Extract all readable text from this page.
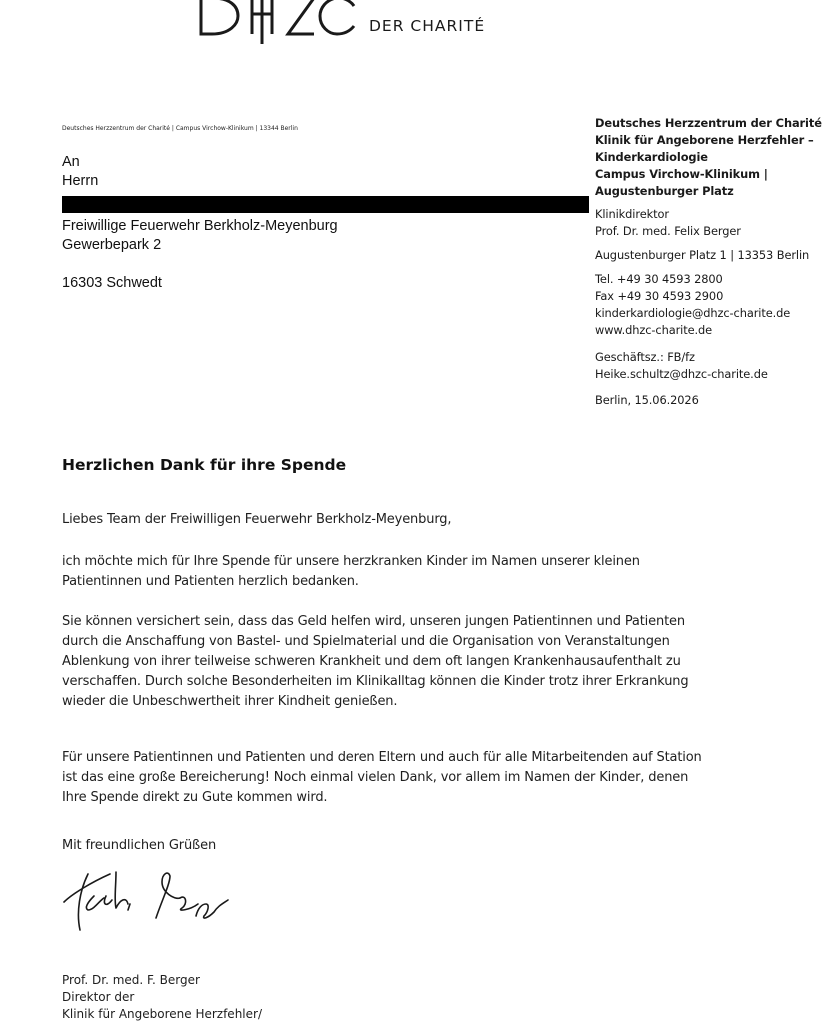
DER CHARITÉ
Deutsches Herzzentrum der Charité | Campus Virchow-Klinikum | 13344 Berlin
An
Herrn
Freiwillige Feuerwehr Berkholz-Meyenburg
Gewerbepark 2
16303 Schwedt
Deutsches Herzzentrum der Charité
Klinik für Angeborene Herzfehler –
Kinderkardiologie
Campus Virchow-Klinikum |
Augustenburger Platz
Klinikdirektor
Prof. Dr. med. Felix Berger
Augustenburger Platz 1 | 13353 Berlin
Tel. +49 30 4593 2800
Fax +49 30 4593 2900
kinderkardiologie@dhzc-charite.de
www.dhzc-charite.de
Geschäftsz.: FB/fz
Heike.schultz@dhzc-charite.de
Berlin, 15.06.2026
Herzlichen Dank für ihre Spende
Liebes Team der Freiwilligen Feuerwehr Berkholz-Meyenburg,
ich möchte mich für Ihre Spende für unsere herzkranken Kinder im Namen unserer kleinen
Patientinnen und Patienten herzlich bedanken.
Sie können versichert sein, dass das Geld helfen wird, unseren jungen Patientinnen und Patienten
durch die Anschaffung von Bastel- und Spielmaterial und die Organisation von Veranstaltungen
Ablenkung von ihrer teilweise schweren Krankheit und dem oft langen Krankenhausaufenthalt zu
verschaffen. Durch solche Besonderheiten im Klinikalltag können die Kinder trotz ihrer Erkrankung
wieder die Unbeschwertheit ihrer Kindheit genießen.
Für unsere Patientinnen und Patienten und deren Eltern und auch für alle Mitarbeitenden auf Station
ist das eine große Bereicherung! Noch einmal vielen Dank, vor allem im Namen der Kinder, denen
Ihre Spende direkt zu Gute kommen wird.
Mit freundlichen Grüßen
Prof. Dr. med. F. Berger
Direktor der
Klinik für Angeborene Herzfehler/
